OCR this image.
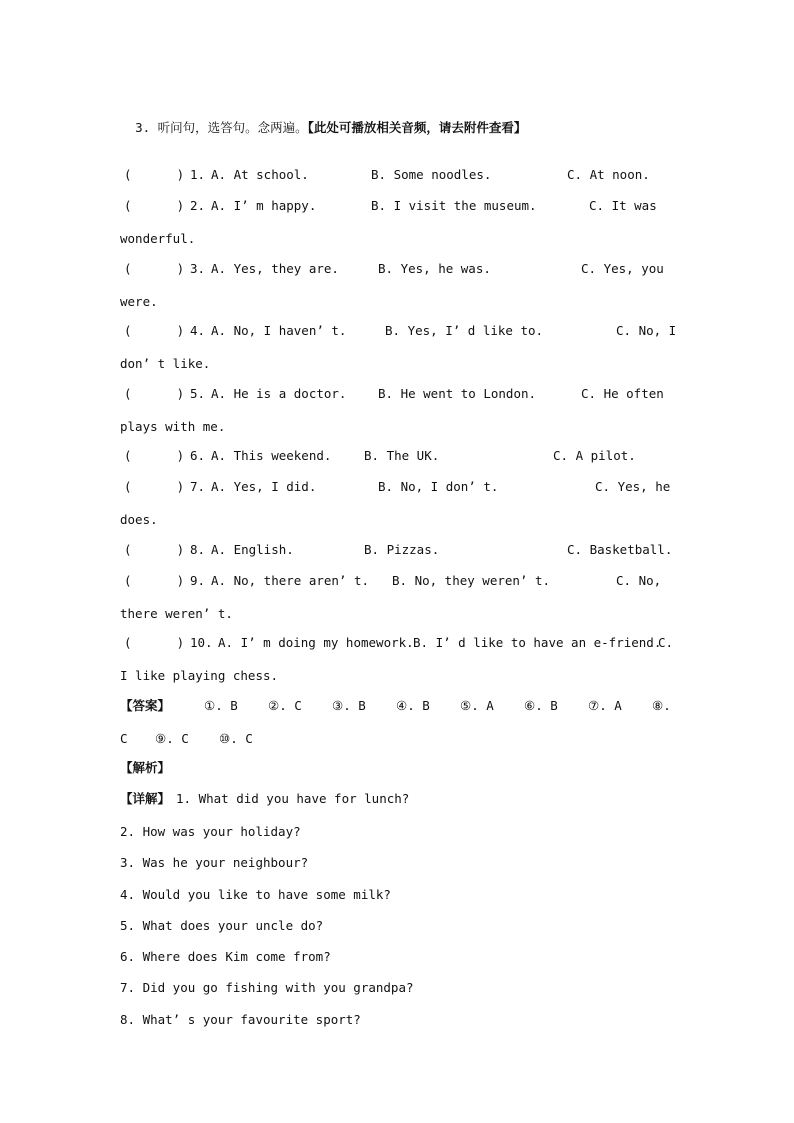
3. 听问句，选答句。念两遍。【此处可播放相关音频，请去附件查看】

(      ) 1. A. At school.	B. Some noodles.	C. At noon.
(      ) 2. A. I’ m happy.	B. I visit the museum.	C. It was
wonderful.
(      ) 3. A. Yes, they are.	B. Yes, he was.	C. Yes, you
were.
(      ) 4. A. No, I haven’ t.	B. Yes, I’ d like to.	C. No, I
don’ t like.
(      ) 5. A. He is a doctor.	B. He went to London.	C. He often
plays with me.
(      ) 6. A. This weekend.	B. The UK.	C. A pilot.
(      ) 7. A. Yes, I did.	B. No, I don’ t.	C. Yes, he
does.
(      ) 8. A. English.	B. Pizzas.	C. Basketball.
(      ) 9. A. No, there aren’ t. B. No, they weren’ t.	C. No,
there weren’ t.
(      ) 10. A. I’ m doing my homework. B. I’ d like to have an e-friend.
C.
I like playing chess.
【答案】	①. B ②. C ③. B ④. B ⑤. A ⑥. B ⑦. A ⑧.
C ⑨. C ⑩. C
【解析】
【详解】 1. What did you have for lunch?
2. How was your holiday?
3. Was he your neighbour?
4. Would you like to have some milk?
5. What does your uncle do?
6. Where does Kim come from?
7. Did you go fishing with you grandpa?
8. What’ s your favourite sport?
